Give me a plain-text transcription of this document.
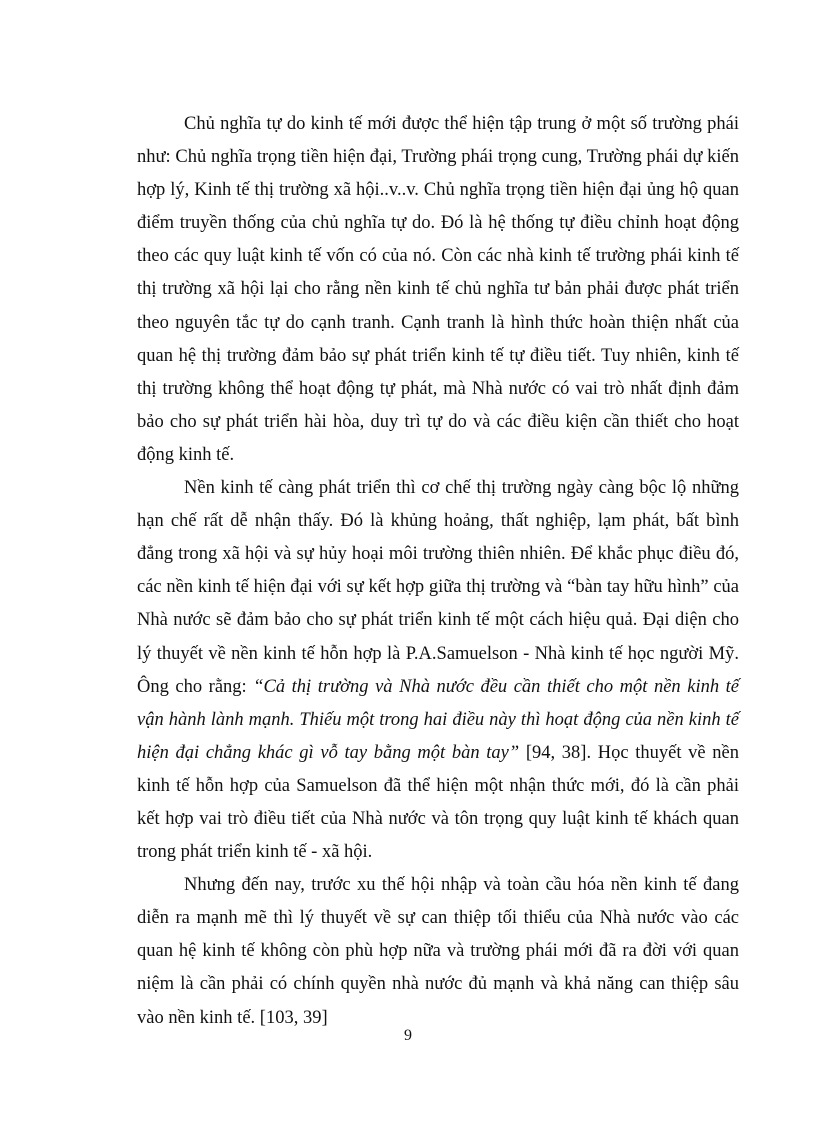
Chủ nghĩa tự do kinh tế mới được thể hiện tập trung ở một số trường phái như: Chủ nghĩa trọng tiền hiện đại, Trường phái trọng cung, Trường phái dự kiến hợp lý, Kinh tế thị trường xã hội..v..v. Chủ nghĩa trọng tiền hiện đại ủng hộ quan điểm truyền thống của chủ nghĩa tự do. Đó là hệ thống tự điều chỉnh hoạt động theo các quy luật kinh tế vốn có của nó. Còn các nhà kinh tế trường phái kinh tế thị trường xã hội lại cho rằng nền kinh tế chủ nghĩa tư bản phải được phát triển theo nguyên tắc tự do cạnh tranh. Cạnh tranh là hình thức hoàn thiện nhất của quan hệ thị trường đảm bảo sự phát triển kinh tế tự điều tiết. Tuy nhiên, kinh tế thị trường không thể hoạt động tự phát, mà Nhà nước có vai trò nhất định đảm bảo cho sự phát triển hài hòa, duy trì tự do và các điều kiện cần thiết cho hoạt động kinh tế.

Nền kinh tế càng phát triển thì cơ chế thị trường ngày càng bộc lộ những hạn chế rất dễ nhận thấy. Đó là khủng hoảng, thất nghiệp, lạm phát, bất bình đẳng trong xã hội và sự hủy hoại môi trường thiên nhiên. Để khắc phục điều đó, các nền kinh tế hiện đại với sự kết hợp giữa thị trường và “bàn tay hữu hình” của Nhà nước sẽ đảm bảo cho sự phát triển kinh tế một cách hiệu quả. Đại diện cho lý thuyết về nền kinh tế hỗn hợp là P.A.Samuelson - Nhà kinh tế học người Mỹ. Ông cho rằng: “Cả thị trường và Nhà nước đều cần thiết cho một nền kinh tế vận hành lành mạnh. Thiếu một trong hai điều này thì hoạt động của nền kinh tế hiện đại chẳng khác gì vỗ tay bằng một bàn tay” [94, 38]. Học thuyết về nền kinh tế hỗn hợp của Samuelson đã thể hiện một nhận thức mới, đó là cần phải kết hợp vai trò điều tiết của Nhà nước và tôn trọng quy luật kinh tế khách quan trong phát triển kinh tế - xã hội.

Nhưng đến nay, trước xu thế hội nhập và toàn cầu hóa nền kinh tế đang diễn ra mạnh mẽ thì lý thuyết về sự can thiệp tối thiểu của Nhà nước vào các quan hệ kinh tế không còn phù hợp nữa và trường phái mới đã ra đời với quan niệm là cần phải có chính quyền nhà nước đủ mạnh và khả năng can thiệp sâu vào nền kinh tế. [103, 39]

9
